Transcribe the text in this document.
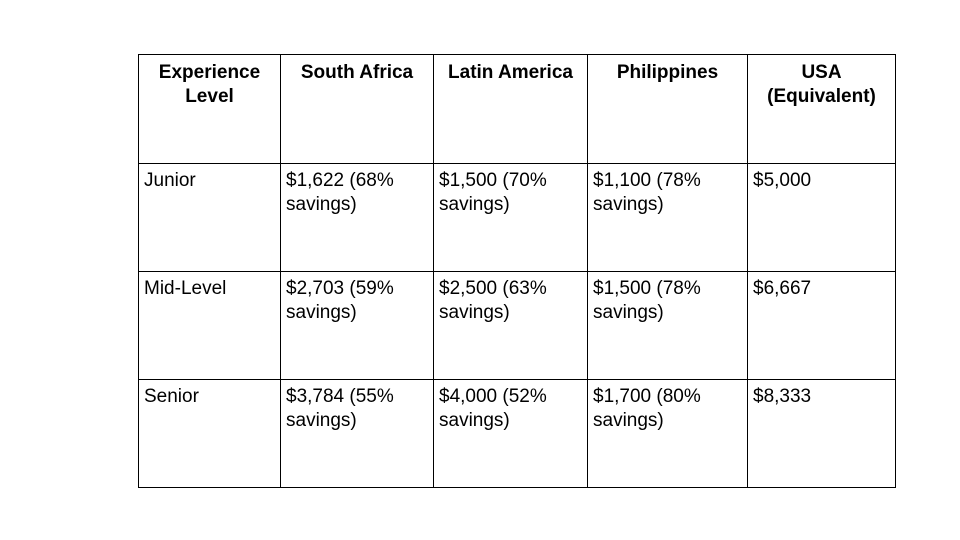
Experience Level	South Africa	Latin America	Philippines	USA (Equivalent)
Junior	$1,622 (68% savings)	$1,500 (70% savings)	$1,100 (78% savings)	$5,000
Mid-Level	$2,703 (59% savings)	$2,500 (63% savings)	$1,500 (78% savings)	$6,667
Senior	$3,784 (55% savings)	$4,000 (52% savings)	$1,700 (80% savings)	$8,333
